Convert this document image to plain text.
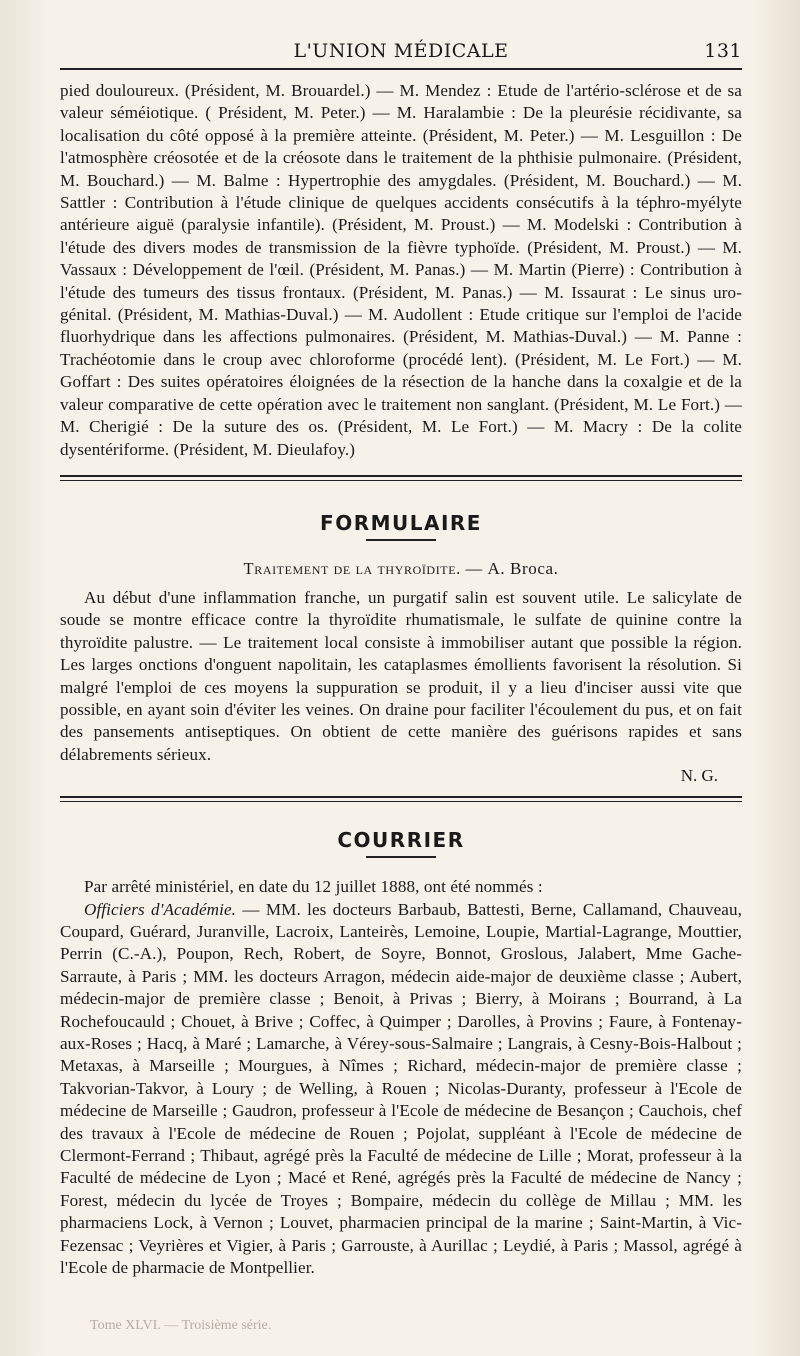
L'UNION MÉDICALE	131

pied douloureux. (Président, M. Brouardel.) — M. Mendez : Etude de l'artério-sclérose et de sa valeur séméiotique. ( Président, M. Peter.) — M. Haralambie : De la pleurésie récidivante, sa localisation du côté opposé à la première atteinte. (Président, M. Peter.) — M. Lesguillon : De l'atmosphère créosotée et de la créosote dans le traitement de la phthisie pulmonaire. (Président, M. Bouchard.) — M. Balme : Hypertrophie des amygdales. (Président, M. Bouchard.) — M. Sattler : Contribution à l'étude clinique de quelques accidents consécutifs à la téphro-myélyte antérieure aiguë (paralysie infantile). (Président, M. Proust.) — M. Modelski : Contribution à l'étude des divers modes de transmission de la fièvre typhoïde. (Président, M. Proust.) — M. Vassaux : Développement de l'œil. (Président, M. Panas.) — M. Martin (Pierre) : Contribution à l'étude des tumeurs des tissus frontaux. (Président, M. Panas.) — M. Issaurat : Le sinus uro-génital. (Président, M. Mathias-Duval.) — M. Audollent : Etude critique sur l'emploi de l'acide fluorhydrique dans les affections pulmonaires. (Président, M. Mathias-Duval.) — M. Panne : Trachéotomie dans le croup avec chloroforme (procédé lent). (Président, M. Le Fort.) — M. Goffart : Des suites opératoires éloignées de la résection de la hanche dans la coxalgie et de la valeur comparative de cette opération avec le traitement non sanglant. (Président, M. Le Fort.) — M. Cherigié : De la suture des os. (Président, M. Le Fort.) — M. Macry : De la colite dysentériforme. (Président, M. Dieulafoy.)

FORMULAIRE

Traitement de la thyroïdite. — A. Broca.

Au début d'une inflammation franche, un purgatif salin est souvent utile. Le salicylate de soude se montre efficace contre la thyroïdite rhumatismale, le sulfate de quinine contre la thyroïdite palustre. — Le traitement local consiste à immobiliser autant que possible la région. Les larges onctions d'onguent napolitain, les cataplasmes émollients favorisent la résolution. Si malgré l'emploi de ces moyens la suppuration se produit, il y a lieu d'inciser aussi vite que possible, en ayant soin d'éviter les veines. On draine pour faciliter l'écoulement du pus, et on fait des pansements antiseptiques. On obtient de cette manière des guérisons rapides et sans délabrements sérieux.

N. G.

COURRIER

Par arrêté ministériel, en date du 12 juillet 1888, ont été nommés :

Officiers d'Académie. — MM. les docteurs Barbaub, Battesti, Berne, Callamand, Chauveau, Coupard, Guérard, Juranville, Lacroix, Lanteirès, Lemoine, Loupie, Martial-Lagrange, Mouttier, Perrin (C.-A.), Poupon, Rech, Robert, de Soyre, Bonnot, Groslous, Jalabert, Mme Gache-Sarraute, à Paris ; MM. les docteurs Arragon, médecin aide-major de deuxième classe ; Aubert, médecin-major de première classe ; Benoit, à Privas ; Bierry, à Moirans ; Bourrand, à La Rochefoucauld ; Chouet, à Brive ; Coffec, à Quimper ; Darolles, à Provins ; Faure, à Fontenay-aux-Roses ; Hacq, à Maré ; Lamarche, à Vérey-sous-Salmaire ; Langrais, à Cesny-Bois-Halbout ; Metaxas, à Marseille ; Mourgues, à Nîmes ; Richard, médecin-major de première classe ; Takvorian-Takvor, à Loury ; de Welling, à Rouen ; Nicolas-Duranty, professeur à l'Ecole de médecine de Marseille ; Gaudron, professeur à l'Ecole de médecine de Besançon ; Cauchois, chef des travaux à l'Ecole de médecine de Rouen ; Pojolat, suppléant à l'Ecole de médecine de Clermont-Ferrand ; Thibaut, agrégé près la Faculté de médecine de Lille ; Morat, professeur à la Faculté de médecine de Lyon ; Macé et René, agrégés près la Faculté de médecine de Nancy ; Forest, médecin du lycée de Troyes ; Bompaire, médecin du collège de Millau ; MM. les pharmaciens Lock, à Vernon ; Louvet, pharmacien principal de la marine ; Saint-Martin, à Vic-Fezensac ; Veyrières et Vigier, à Paris ; Garrouste, à Aurillac ; Leydié, à Paris ; Massol, agrégé à l'Ecole de pharmacie de Montpellier.

Tome XLVI. — Troisième série.
